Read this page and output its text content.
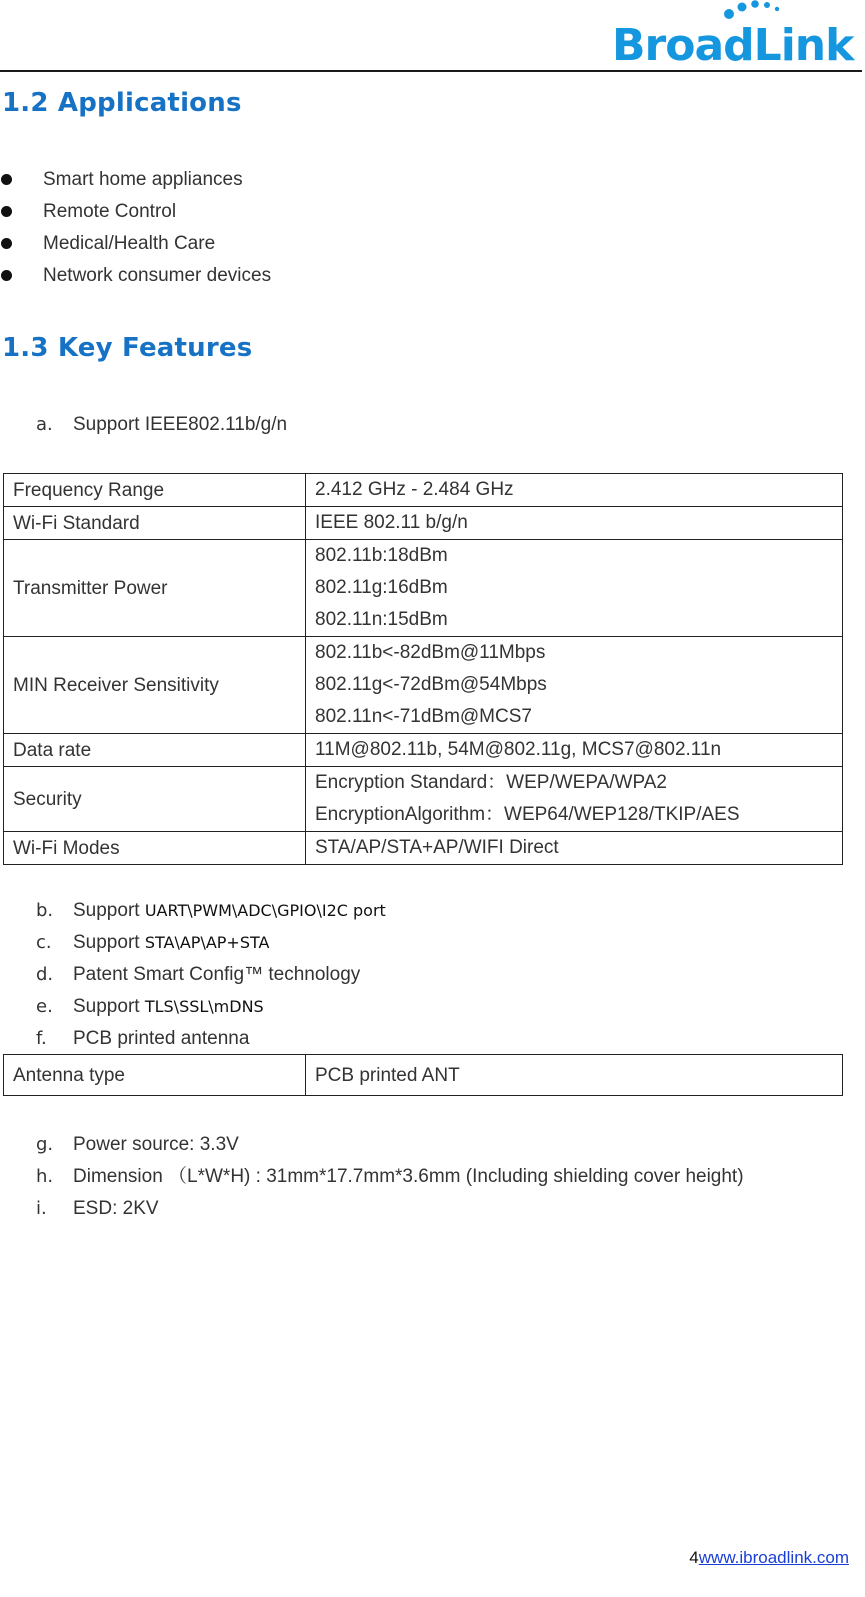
BroadLink
1.2 Applications
Smart home appliances
Remote Control
Medical/Health Care
Network consumer devices
1.3 Key Features
a. Support IEEE802.11b/g/n
Frequency Range	2.412 GHz - 2.484 GHz

Wi-Fi Standard	IEEE 802.11 b/g/n

Transmitter Power	802.11b:18dBm
802.11g:16dBm
802.11n:15dBm

MIN Receiver Sensitivity	802.11b<-82dBm@11Mbps
802.11g<-72dBm@54Mbps
802.11n<-71dBm@MCS7

Data rate	11M@802.11b, 54M@802.11g, MCS7@802.11n

Security	Encryption Standard：WEP/WEPA/WPA2
EncryptionAlgorithm：WEP64/WEP128/TKIP/AES

Wi-Fi Modes	STA/AP/STA+AP/WIFI Direct
b. Support UART\PWM\ADC\GPIO\I2C port
c. Support STA\AP\AP+STA
d. Patent Smart Config™ technology
e. Support TLS\SSL\mDNS
f. PCB printed antenna
Antenna type	PCB printed ANT
g. Power source: 3.3V
h. Dimension （L*W*H) : 31mm*17.7mm*3.6mm (Including shielding cover height)
i. ESD: 2KV
4www.ibroadlink.com
